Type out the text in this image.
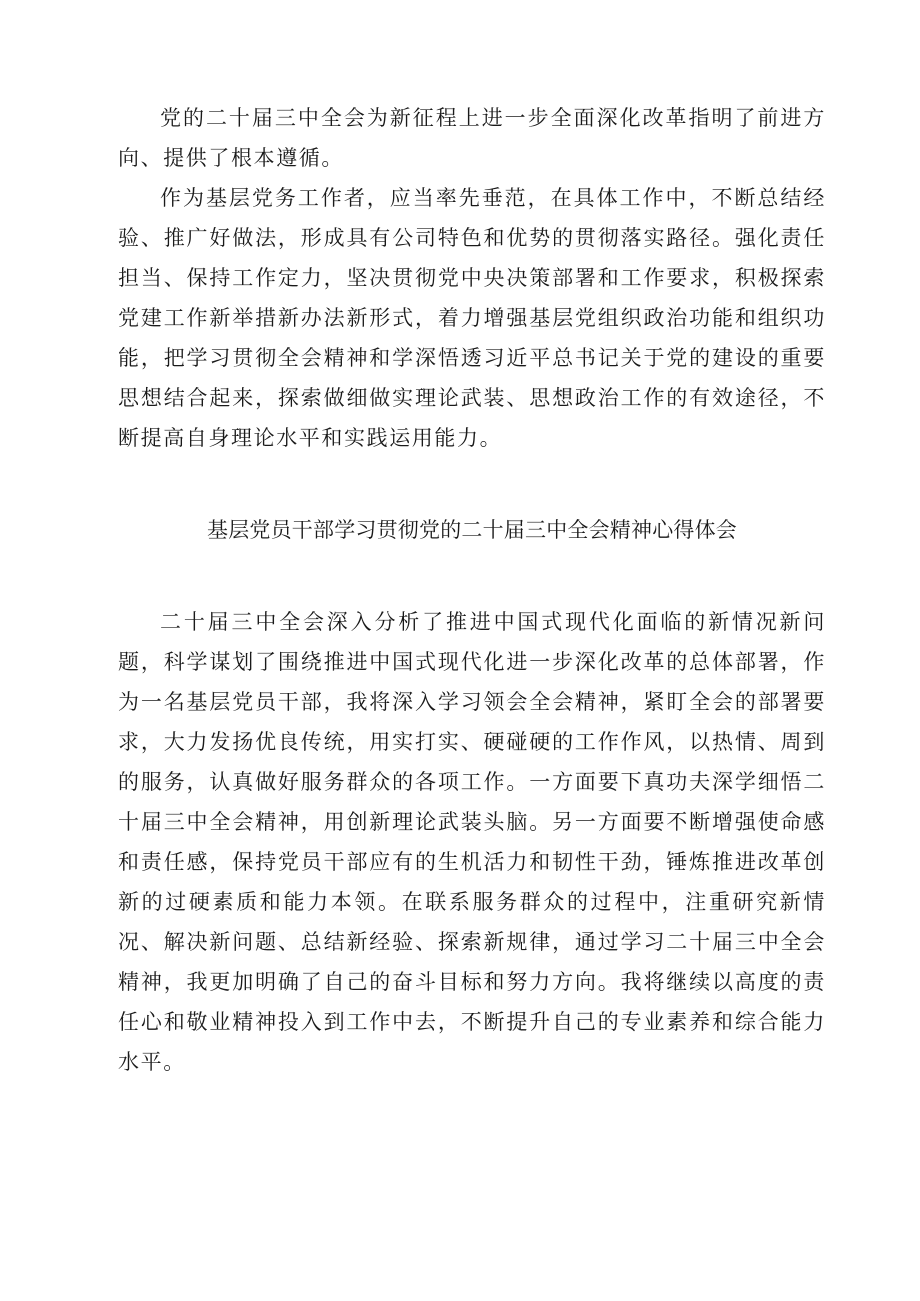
党的二十届三中全会为新征程上进一步全面深化改革指明了前进方向、提供了根本遵循。

作为基层党务工作者，应当率先垂范，在具体工作中，不断总结经验、推广好做法，形成具有公司特色和优势的贯彻落实路径。强化责任担当、保持工作定力，坚决贯彻党中央决策部署和工作要求，积极探索党建工作新举措新办法新形式，着力增强基层党组织政治功能和组织功能，把学习贯彻全会精神和学深悟透习近平总书记关于党的建设的重要思想结合起来，探索做细做实理论武装、思想政治工作的有效途径，不断提高自身理论水平和实践运用能力。

基层党员干部学习贯彻党的二十届三中全会精神心得体会

二十届三中全会深入分析了推进中国式现代化面临的新情况新问题，科学谋划了围绕推进中国式现代化进一步深化改革的总体部署，作为一名基层党员干部，我将深入学习领会全会精神，紧盯全会的部署要求，大力发扬优良传统，用实打实、硬碰硬的工作作风，以热情、周到的服务，认真做好服务群众的各项工作。一方面要下真功夫深学细悟二十届三中全会精神，用创新理论武装头脑。另一方面要不断增强使命感和责任感，保持党员干部应有的生机活力和韧性干劲，锤炼推进改革创新的过硬素质和能力本领。在联系服务群众的过程中，注重研究新情况、解决新问题、总结新经验、探索新规律，通过学习二十届三中全会精神，我更加明确了自己的奋斗目标和努力方向。我将继续以高度的责任心和敬业精神投入到工作中去，不断提升自己的专业素养和综合能力水平。
